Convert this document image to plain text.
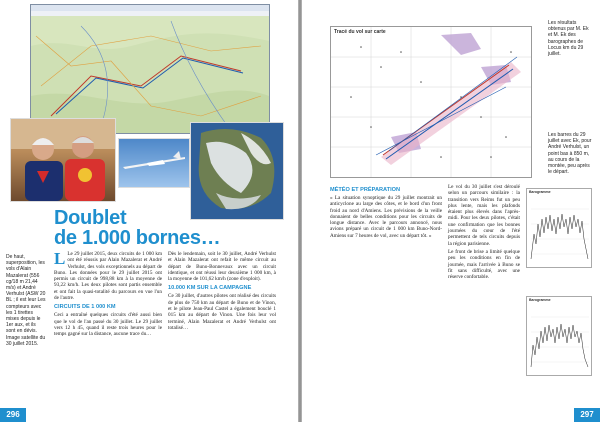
De haut, superposition, les vols d'Alain Mazalerat (556 cg/18 m 21,44 m/s) et André Verhulst (ASW 20 BL ; il est leur Les compteurs avec les 1 tirettes mises depuis le 1er aux, et ils sont en dévis. Image satellite du 30 juillet 2015.
Doublet
de 1.000 bornes…

L Le 29 juillet 2015, deux circuits de 1 000 km ont été réussis par Alain Mazalerat et André Verhulst, des vols exceptionnels au départ de Buno. Les données pour le 29 juillet 2015 ont permis un circuit de 998,88 km à la moyenne de 93,22 km/h. Les deux pilotes sont partis ensemble et ont fait la quasi-totalité du parcours en vue l'un de l'autre.

CIRCUITS DE 1 000 KM

Ceci a entraîné quelques circuits d'été aussi bien que le vol de l'an passé du 30 juillet. Le 29 juillet vers 12 h 45, quand il reste trois heures pour le temps gagné sur la distance, aucune trace du…

Dès le lendemain, soit le 30 juillet, André Verhulst et Alain Mazalerat ont refait le même circuit au départ de Buno-Bonnevaux avec un circuit identique, et ont réussi leur deuxième 1 000 km, à la moyenne de 101,62 km/h (zone d'exploit).

10.000 KM SUR LA CAMPAGNE

Ce 30 juillet, d'autres pilotes ont réalisé des circuits de plus de 750 km au départ de Buno et de Vinon, et le pilote Jean-Paul Castel a également bouclé 1 015 km au départ de Vinon. Une fois leur vol terminé, Alain Mazalerat et André Verhulst ont totalisé…

296
Tracé du vol sur carte
Les résultats obtenus par M. Ek et M. Ek des barographes de Locus km du 29 juillet.
Les barres du 29 juillet avec Ek, pour André Verhulst, un point bas à 850 m, au cours de la montée, peu après le départ.
MÉTÉO ET PRÉPARATION

« La situation synoptique du 29 juillet montrait un anticyclone au large des côtes, et le bord d'un front froid au nord d'Amiens. Les prévisions de la veille donnaient de belles conditions pour les circuits de longue distance. Avec le parcours annoncé, nous avions préparé un circuit de 1 000 km Buno-Nord-Amiens sur 7 heures de vol, avec un départ tôt. »

Le vol du 30 juillet s'est déroulé selon un parcours similaire : la transition vers Reims fut un peu plus lente, mais les plafonds étaient plus élevés dans l'après-midi. Pour les deux pilotes, c'était une confirmation que les bonnes journées du cœur de l'été permettent de tels circuits depuis la région parisienne.

Le front de brise a limité quelque peu les conditions en fin de journée, mais l'arrivée à Buno se fit sans difficulté, avec une réserve confortable.

Barogramme
Barogramme
297
